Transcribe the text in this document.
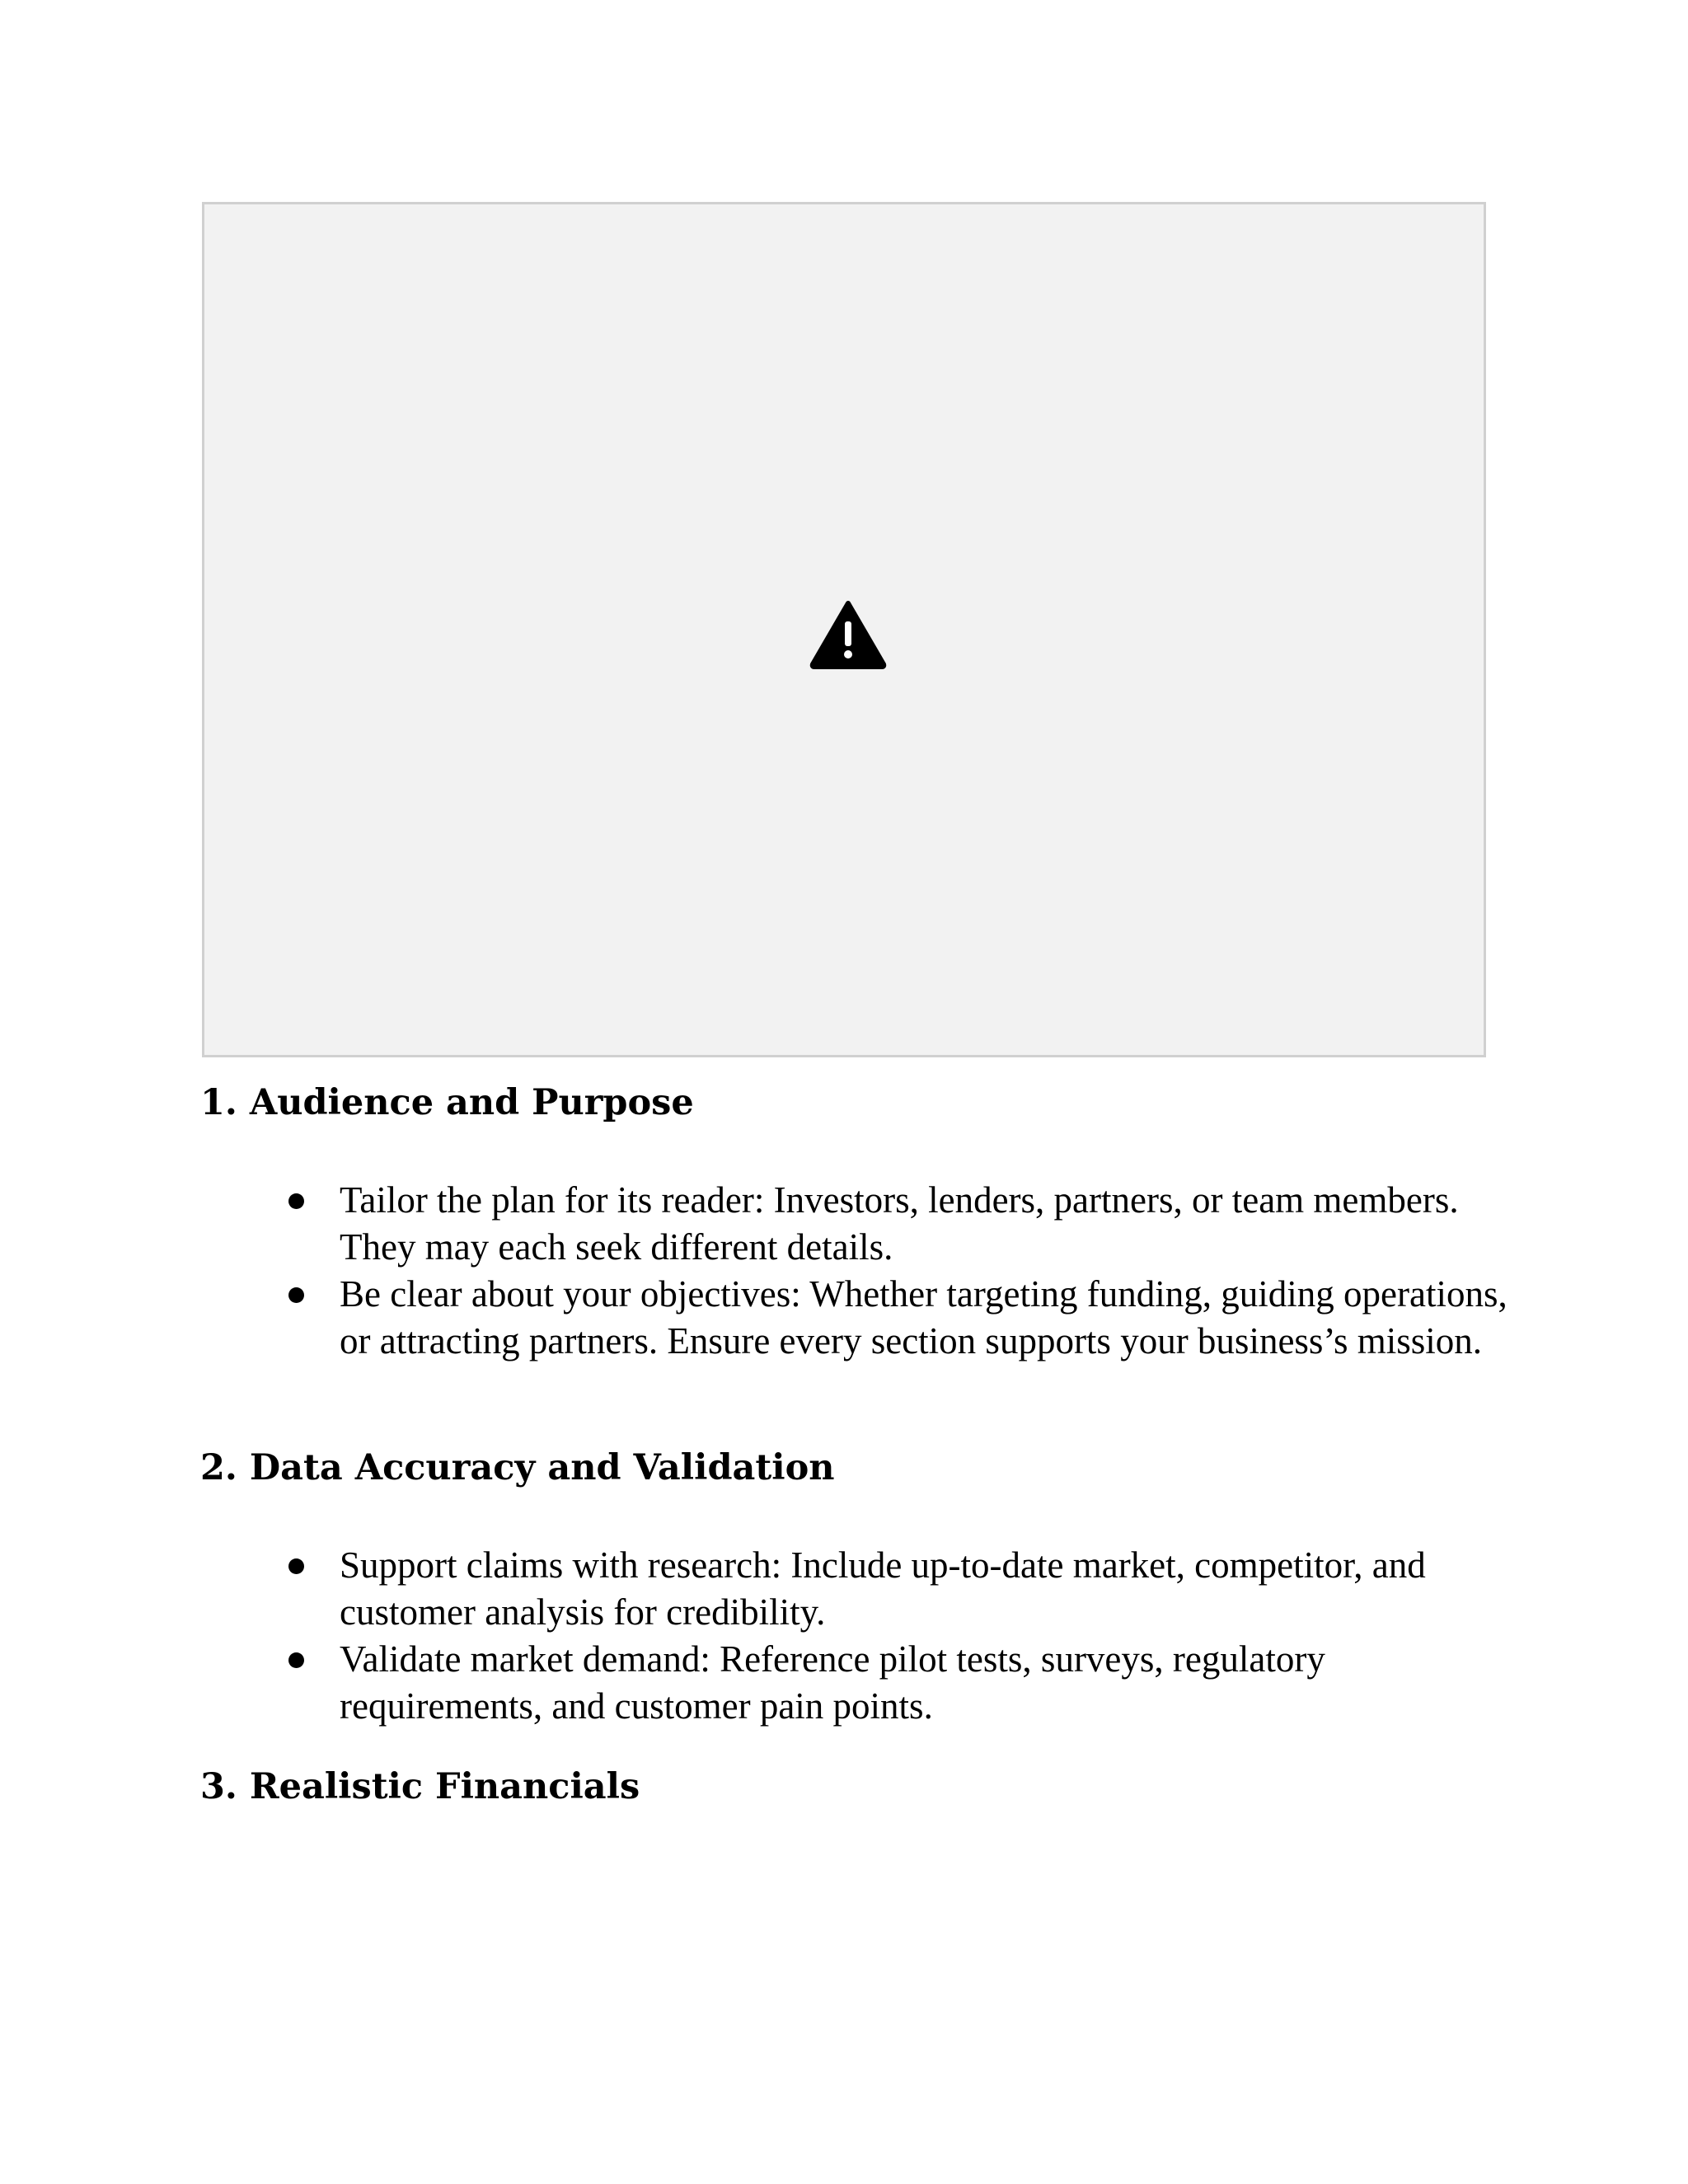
1. Audience and Purpose
Tailor the plan for its reader: Investors, lenders, partners, or team members. They may each seek different details.
Be clear about your objectives: Whether targeting funding, guiding operations, or attracting partners. Ensure every section supports your business’s mission.
2. Data Accuracy and Validation
Support claims with research: Include up-to-date market, competitor, and customer analysis for credibility.
Validate market demand: Reference pilot tests, surveys, regulatory requirements, and customer pain points.
3. Realistic Financials
